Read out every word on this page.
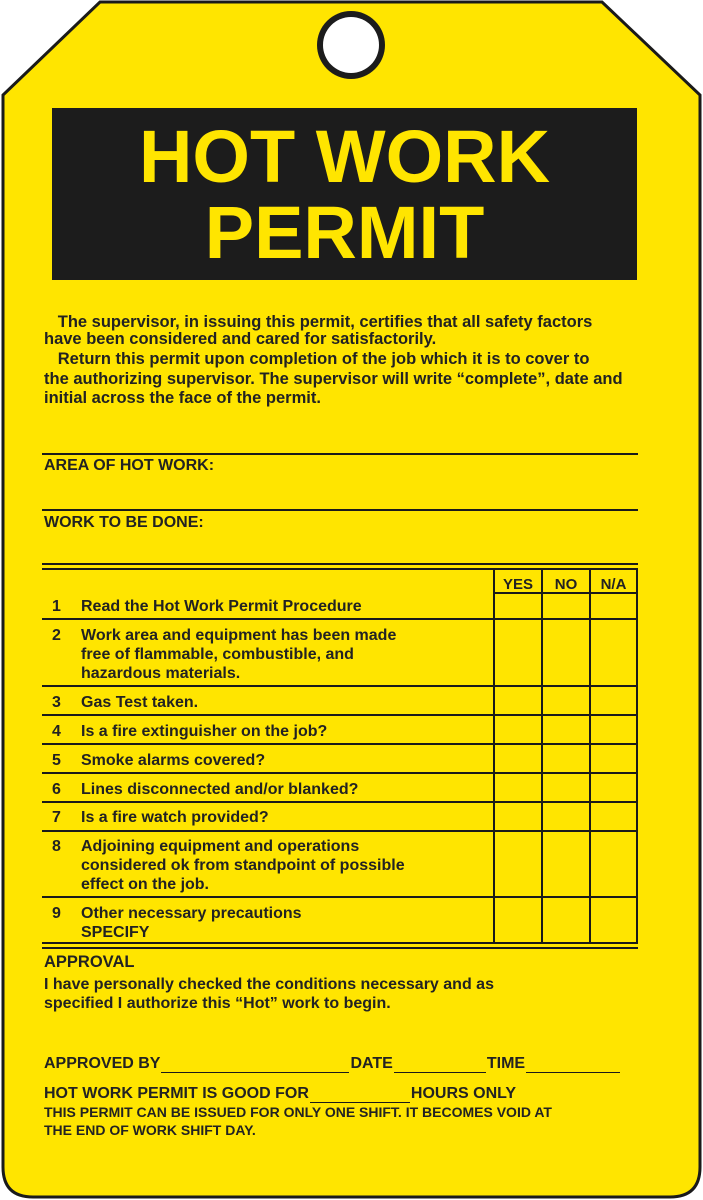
HOT WORK
PERMIT
The supervisor, in issuing this permit, certifies that all safety factors
have been considered and cared for satisfactorily.
Return this permit upon completion of the job which it is to cover to
the authorizing supervisor. The supervisor will write “complete”, date and
initial across the face of the permit.
AREA OF HOT WORK:
WORK TO BE DONE:
YES	NO	N/A
1 Read the Hot Work Permit Procedure
2 Work area and equipment has been made
free of flammable, combustible, and
hazardous materials.
3 Gas Test taken.
4 Is a fire extinguisher on the job?
5 Smoke alarms covered?
6 Lines disconnected and/or blanked?
7 Is a fire watch provided?
8 Adjoining equipment and operations
considered ok from standpoint of possible
effect on the job.
9 Other necessary precautions
SPECIFY
APPROVAL
I have personally checked the conditions necessary and as
specified I authorize this “Hot” work to begin.
APPROVED BY	DATE	TIME
HOT WORK PERMIT IS GOOD FOR	HOURS ONLY
THIS PERMIT CAN BE ISSUED FOR ONLY ONE SHIFT. IT BECOMES VOID AT
THE END OF WORK SHIFT DAY.
